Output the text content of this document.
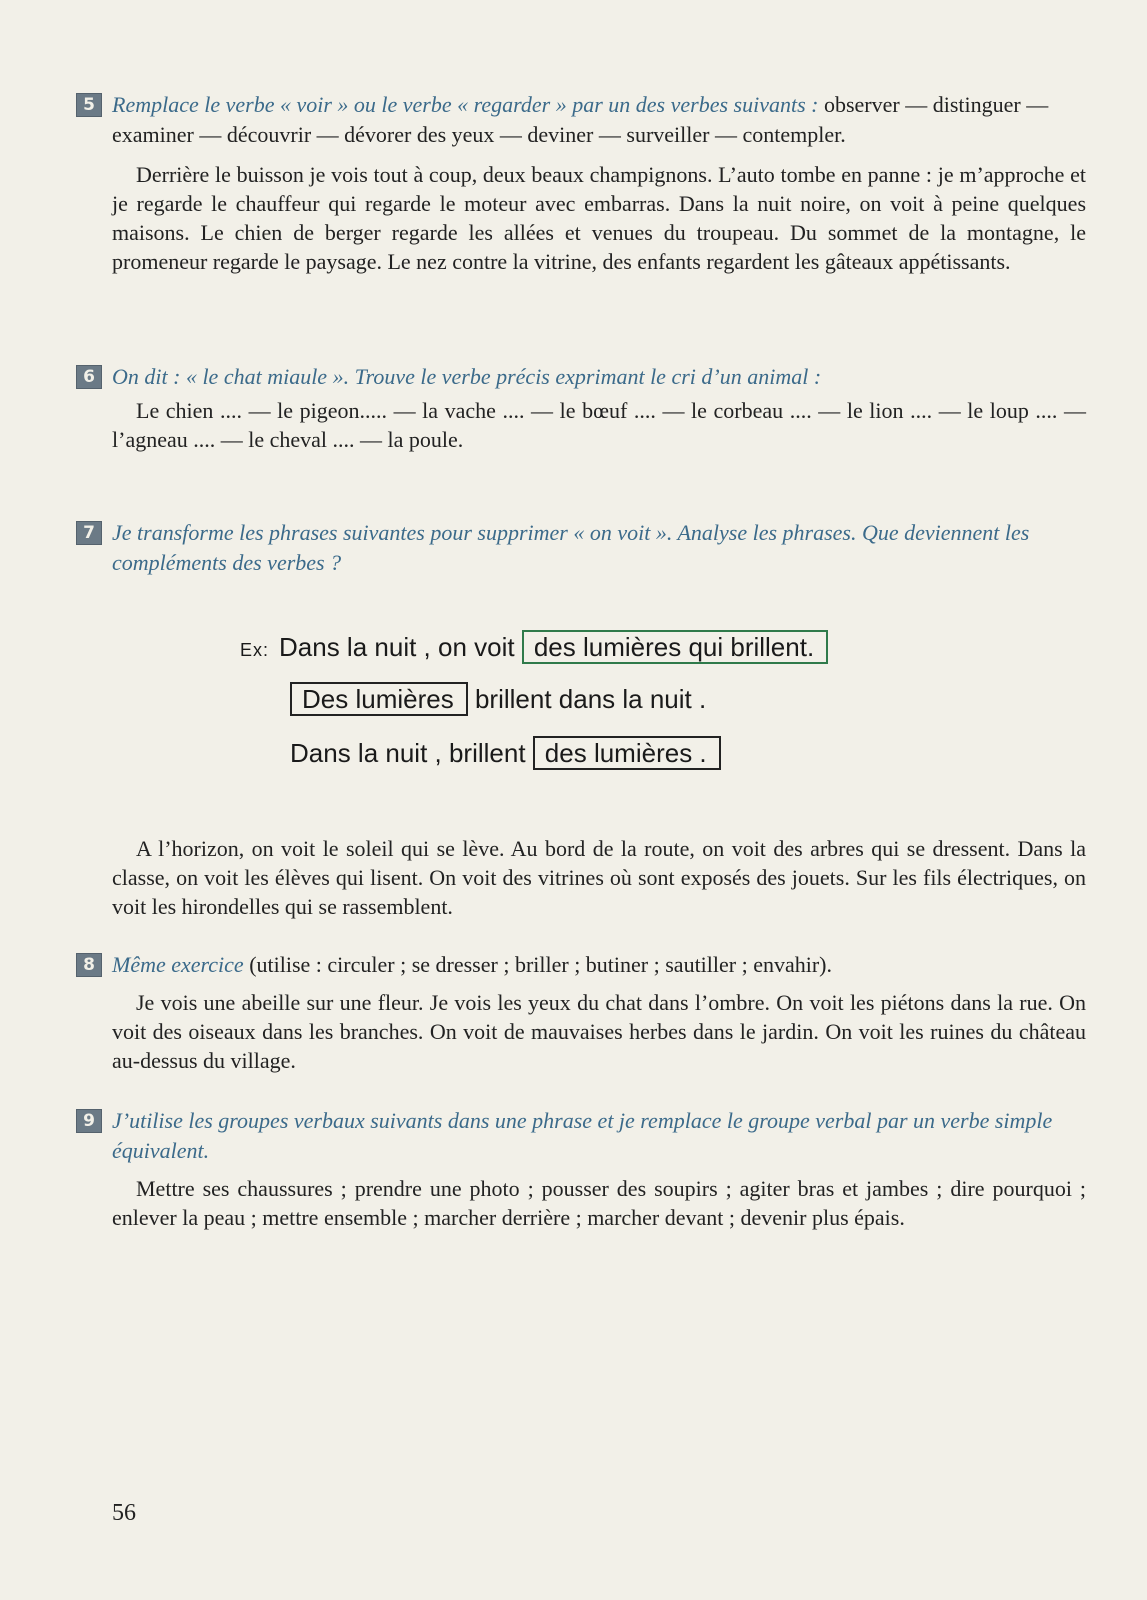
5 Remplace le verbe « voir » ou le verbe « regarder » par un des verbes suivants : observer — distinguer — examiner — découvrir — dévorer des yeux — deviner — surveiller — contempler.
Derrière le buisson je vois tout à coup, deux beaux champignons. L’auto tombe en panne : je m’approche et je regarde le chauffeur qui regarde le moteur avec embarras. Dans la nuit noire, on voit à peine quelques maisons. Le chien de berger regarde les allées et venues du troupeau. Du sommet de la montagne, le promeneur regarde le paysage. Le nez contre la vitrine, des enfants regardent les gâteaux appétissants.
6 On dit : « le chat miaule ». Trouve le verbe précis exprimant le cri d’un animal :
Le chien .... — le pigeon..... — la vache .... — le bœuf .... — le corbeau .... — le lion .... — le loup .... — l’agneau .... — le cheval .... — la poule.
7 Je transforme les phrases suivantes pour supprimer « on voit ». Analyse les phrases. Que deviennent les compléments des verbes ?
Ex: Dans la nuit , on voit des lumières qui brillent.
Des lumières brillent dans la nuit .
Dans la nuit , brillent des lumières .
A l’horizon, on voit le soleil qui se lève. Au bord de la route, on voit des arbres qui se dressent. Dans la classe, on voit les élèves qui lisent. On voit des vitrines où sont exposés des jouets. Sur les fils électriques, on voit les hirondelles qui se rassemblent.
8 Même exercice (utilise : circuler ; se dresser ; briller ; butiner ; sautiller ; envahir).
Je vois une abeille sur une fleur. Je vois les yeux du chat dans l’ombre. On voit les piétons dans la rue. On voit des oiseaux dans les branches. On voit de mauvaises herbes dans le jardin. On voit les ruines du château au-dessus du village.
9 J’utilise les groupes verbaux suivants dans une phrase et je remplace le groupe verbal par un verbe simple équivalent.
Mettre ses chaussures ; prendre une photo ; pousser des soupirs ; agiter bras et jambes ; dire pourquoi ; enlever la peau ; mettre ensemble ; marcher derrière ; marcher devant ; devenir plus épais.
56
